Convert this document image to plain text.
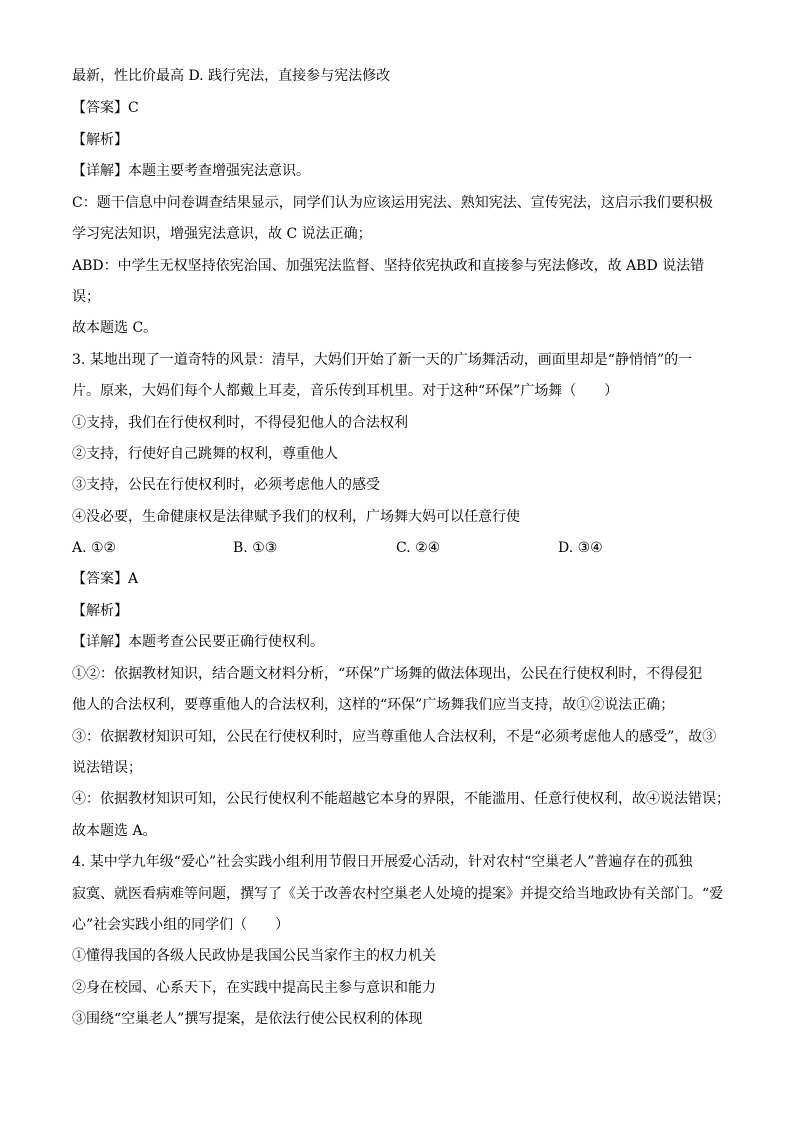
最新，性比价最高 D. 践行宪法，直接参与宪法修改
【答案】C
【解析】
【详解】本题主要考查增强宪法意识。
C：题干信息中问卷调查结果显示，同学们认为应该运用宪法、熟知宪法、宣传宪法，这启示我们要积极
学习宪法知识，增强宪法意识，故 C 说法正确；
ABD：中学生无权坚持依宪治国、加强宪法监督、坚持依宪执政和直接参与宪法修改，故 ABD 说法错
误；
故本题选 C。
3. 某地出现了一道奇特的风景：清早，大妈们开始了新一天的广场舞活动，画面里却是“静悄悄”的一
片。原来，大妈们每个人都戴上耳麦，音乐传到耳机里。对于这种“环保”广场舞（　　）
①支持，我们在行使权利时，不得侵犯他人的合法权利
②支持，行使好自己跳舞的权利，尊重他人
③支持，公民在行使权利时，必须考虑他人的感受
④没必要，生命健康权是法律赋予我们的权利，广场舞大妈可以任意行使
A. ①②	B. ①③	C. ②④	D. ③④
【答案】A
【解析】
【详解】本题考查公民要正确行使权利。
①②：依据教材知识，结合题文材料分析，“环保”广场舞的做法体现出，公民在行使权利时，不得侵犯
他人的合法权利，要尊重他人的合法权利，这样的“环保”广场舞我们应当支持，故①②说法正确；
③：依据教材知识可知，公民在行使权利时，应当尊重他人合法权利，不是“必须考虑他人的感受”，故③
说法错误；
④：依据教材知识可知，公民行使权利不能超越它本身的界限，不能滥用、任意行使权利，故④说法错误；
故本题选 A。
4. 某中学九年级“爱心”社会实践小组利用节假日开展爱心活动，针对农村“空巢老人”普遍存在的孤独
寂寞、就医看病难等问题，撰写了《关于改善农村空巢老人处境的提案》并提交给当地政协有关部门。“爱
心”社会实践小组的同学们（　　）
①懂得我国的各级人民政协是我国公民当家作主的权力机关
②身在校园、心系天下，在实践中提高民主参与意识和能力
③围绕“空巢老人”撰写提案，是依法行使公民权利的体现
